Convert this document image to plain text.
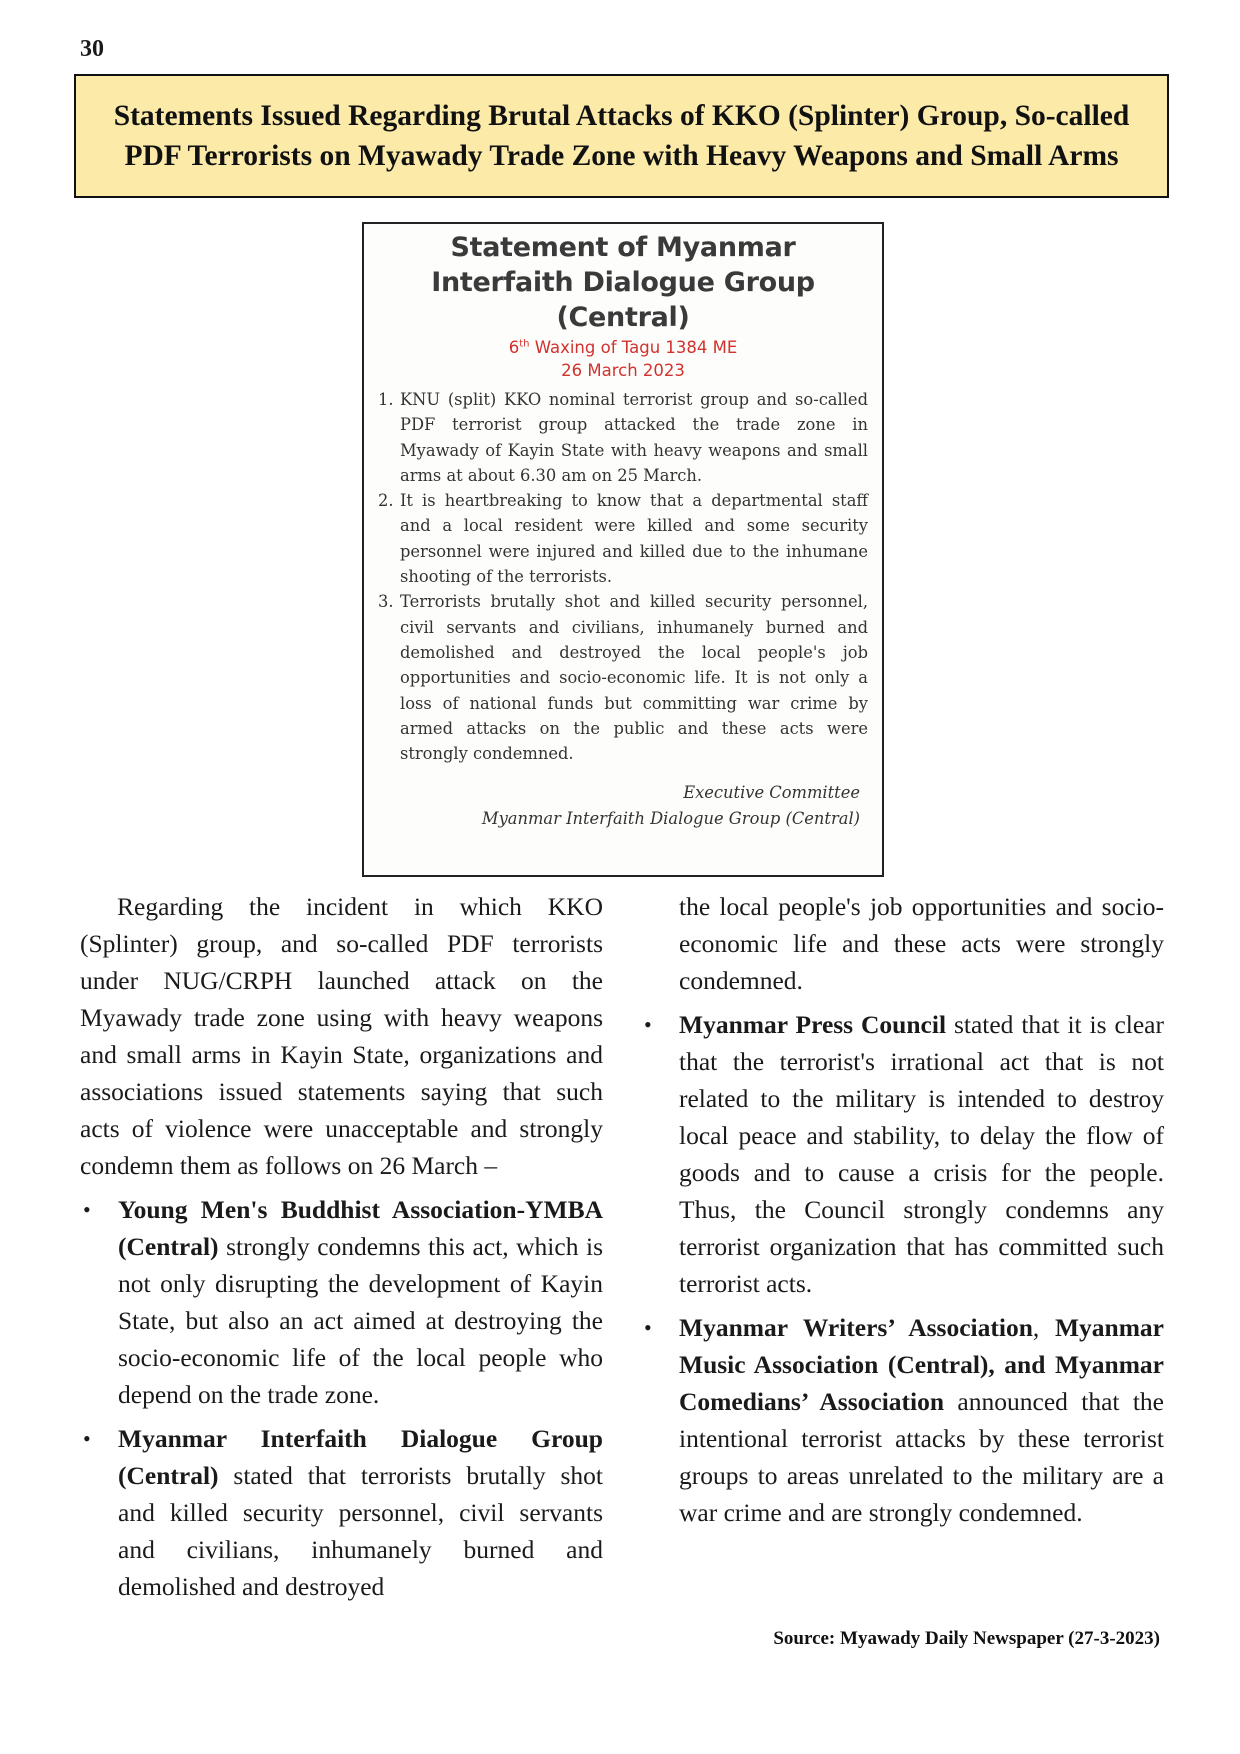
30
Statements Issued Regarding Brutal Attacks of KKO (Splinter) Group, So-called
PDF Terrorists on Myawady Trade Zone with Heavy Weapons and Small Arms
Statement of Myanmar
Interfaith Dialogue Group
(Central)
6th Waxing of Tagu 1384 ME
26 March 2023
1. KNU (split) KKO nominal terrorist group and so-called PDF terrorist group attacked the trade zone in Myawady of Kayin State with heavy weapons and small arms at about 6.30 am on 25 March.
2. It is heartbreaking to know that a departmental staff and a local resident were killed and some security personnel were injured and killed due to the inhumane shooting of the terrorists.
3. Terrorists brutally shot and killed security personnel, civil servants and civilians, inhumanely burned and demolished and destroyed the local people's job opportunities and socio-economic life. It is not only a loss of national funds but committing war crime by armed attacks on the public and these acts were strongly condemned.
Executive Committee
Myanmar Interfaith Dialogue Group (Central)

Regarding the incident in which KKO (Splinter) group, and so-called PDF terrorists under NUG/CRPH launched attack on the Myawady trade zone using with heavy weapons and small arms in Kayin State, organizations and associations issued statements saying that such acts of violence were unacceptable and strongly condemn them as follows on 26 March –

• Young Men's Buddhist Association-YMBA (Central) strongly condemns this act, which is not only disrupting the development of Kayin State, but also an act aimed at destroying the socio-economic life of the local people who depend on the trade zone.
• Myanmar Interfaith Dialogue Group (Central) stated that terrorists brutally shot and killed security personnel, civil servants and civilians, inhumanely burned and demolished and destroyed

the local people's job opportunities and socio-economic life and these acts were strongly condemned.

• Myanmar Press Council stated that it is clear that the terrorist's irrational act that is not related to the military is intended to destroy local peace and stability, to delay the flow of goods and to cause a crisis for the people. Thus, the Council strongly condemns any terrorist organization that has committed such terrorist acts.
• Myanmar Writers’ Association, Myanmar Music Association (Central), and Myanmar Comedians’ Association announced that the intentional terrorist attacks by these terrorist groups to areas unrelated to the military are a war crime and are strongly condemned.
Source: Myawady Daily Newspaper (27-3-2023)
